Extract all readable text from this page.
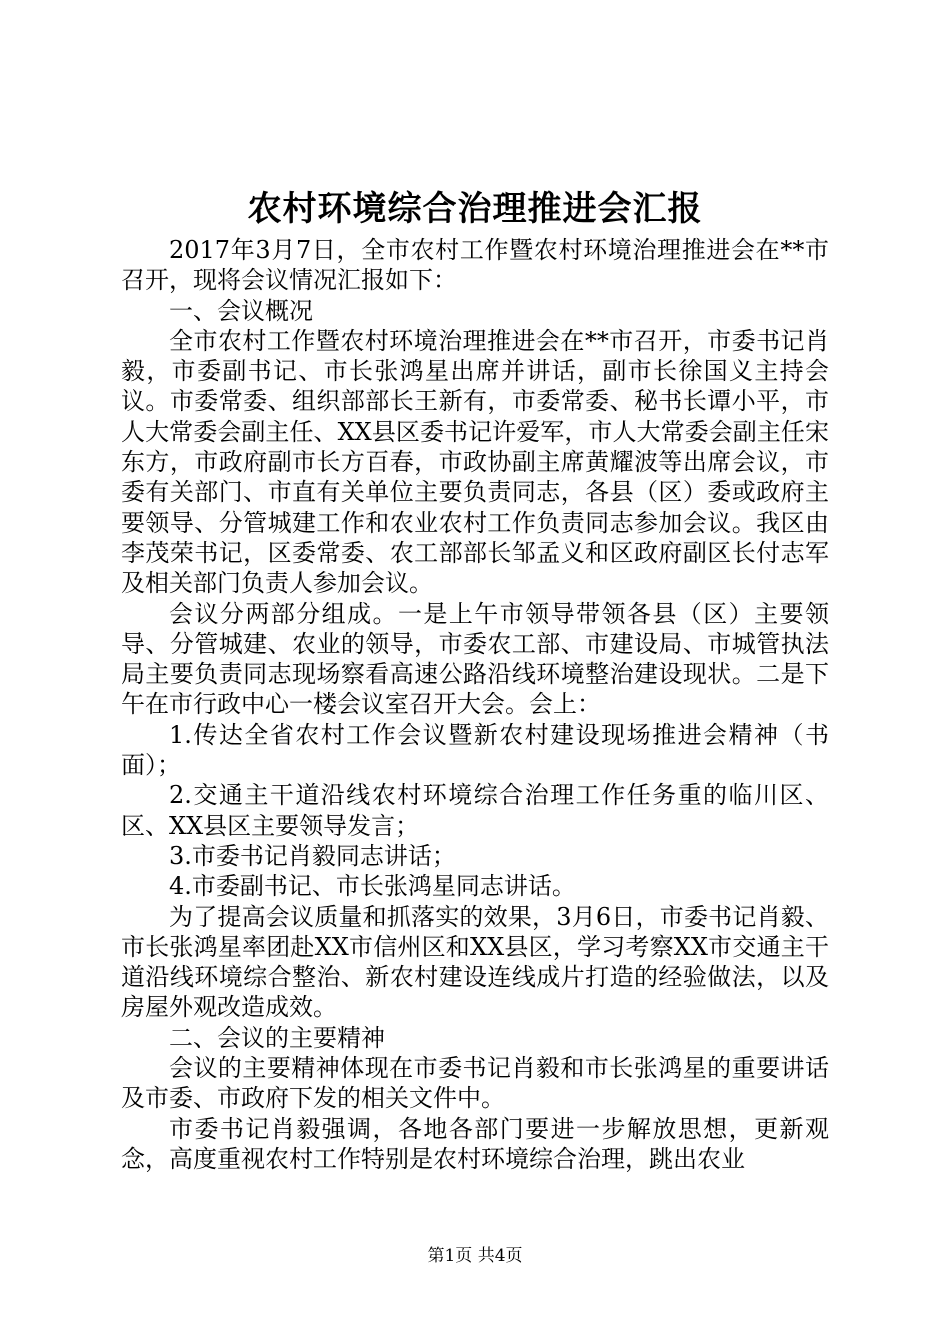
农村环境综合治理推进会汇报

2017年3月7日，全市农村工作暨农村环境治理推进会在**市召开，现将会议情况汇报如下：

一、会议概况

全市农村工作暨农村环境治理推进会在**市召开，市委书记肖毅，市委副书记、市长张鸿星出席并讲话，副市长徐国义主持会议。市委常委、组织部部长王新有，市委常委、秘书长谭小平，市人大常委会副主任、XX县区委书记许爱军，市人大常委会副主任宋东方，市政府副市长方百春，市政协副主席黄耀波等出席会议，市委有关部门、市直有关单位主要负责同志，各县（区）委或政府主要领导、分管城建工作和农业农村工作负责同志参加会议。我区由李茂荣书记，区委常委、农工部部长邹孟义和区政府副区长付志军及相关部门负责人参加会议。

会议分两部分组成。一是上午市领导带领各县（区）主要领导、分管城建、农业的领导，市委农工部、市建设局、市城管执法局主要负责同志现场察看高速公路沿线环境整治建设现状。二是下午在市行政中心一楼会议室召开大会。会上：

1.传达全省农村工作会议暨新农村建设现场推进会精神（书面）；

2.交通主干道沿线农村环境综合治理工作任务重的临川区、区、XX县区主要领导发言；

3.市委书记肖毅同志讲话；

4.市委副书记、市长张鸿星同志讲话。

为了提高会议质量和抓落实的效果，3月6日，市委书记肖毅、市长张鸿星率团赴XX市信州区和XX县区，学习考察XX市交通主干道沿线环境综合整治、新农村建设连线成片打造的经验做法，以及房屋外观改造成效。

二、会议的主要精神

会议的主要精神体现在市委书记肖毅和市长张鸿星的重要讲话及市委、市政府下发的相关文件中。

市委书记肖毅强调，各地各部门要进一步解放思想，更新观念，高度重视农村工作特别是农村环境综合治理，跳出农业

第1页 共4页
